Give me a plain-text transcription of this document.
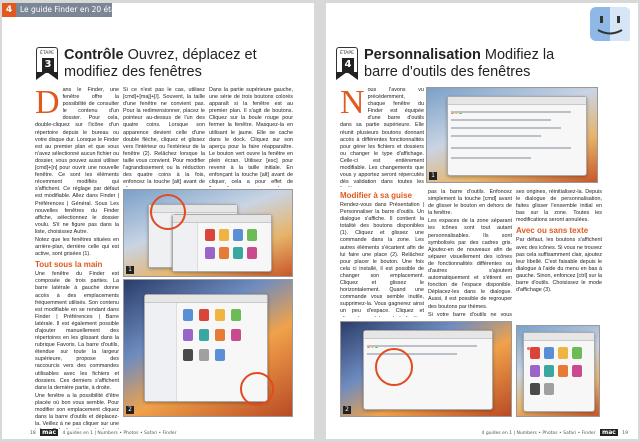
4	Le guide Finder en 20 étapes
ÉTAPE
3
Contrôle Ouvrez, déplacez et modifiez des fenêtres

Dans le Finder, une fenêtre offre la possibilité de consulter le contenu d'un dossier. Pour cela, double-cliquez sur l'icône d'un répertoire depuis le bureau ou votre disque dur. Lorsque le Finder est au premier plan et que vous n'avez sélectionné aucun fichier ou dossier, vous pouvez aussi utiliser [cmd]+[n] pour ouvrir une nouvelle fenêtre. Ce sont les éléments récemment modifiés qui s'affichent. Ce réglage par défaut est modifiable. Allez dans Finder | Préférences | Général. Sous Les nouvelles fenêtres du Finder affiche, sélectionnez le dossier voulu. S'il ne figure pas dans la liste, choisissez Autre.

Notez que les fenêtres situées en arrière-plan, derrière celle qui est active, sont grisées (1).

Tout sous la main

Une fenêtre du Finder est composée de trois parties. La barre latérale à gauche donne accès à des emplacements fréquemment utilisés. Son contenu est modifiable en se rendant dans Finder | Préférences | Barre latérale. Il est également possible d'ajouter manuellement des répertoires en les glissant dans la rubrique Favoris. La barre d'outils, étendue sur toute la largeur supérieure, propose des raccourcis vers des commandes utilisables avec les fichiers et dossiers. Ces derniers s'affichent dans la dernière partie, à droite.

Une fenêtre a la possibilité d'être placée où bon vous semble. Pour modifier son emplacement cliquez dans la barre d'outils et déplacez-la. Veillez à ne pas cliquer sur une

Si ce n'est pas le cas, utilisez [cmd]+[maj]+[/]. Souvent, la taille d'une fenêtre ne convient pas. Pour la redimensionner, placez le pointeur au-dessus de l'un des quatre coins. Lorsque son apparence devient celle d'une double flèche, cliquez et glissez vers l'intérieur ou l'extérieur de la fenêtre (2). Relâchez lorsque la taille vous convient. Pour modifier l'agrandissement ou la réduction des quatre coins à la fois, enfoncez la touche [alt] avant de

Dans la partie supérieure gauche, une série de trois boutons colorés apparaît si la fenêtre est au premier plan. Il s'agit de boutons. Cliquez sur la boule rouge pour fermer la fenêtre. Masquez-la en utilisant le jaune. Elle se cache dans le dock. Cliquez sur son aperçu pour la faire réapparaître. Le bouton vert ouvre la fenêtre en plein écran. Utilisez [esc] pour revenir à la taille initiale. En enfonçant la touche [alt] avant de cliquer, cela a pour effet de

1
2
18 mac 4 guides en 1 | Numbers • Photos • Safari • Finder
ÉTAPE
4
Personnalisation Modifiez la barre d'outils des fenêtres

Nous l'avons vu précédemment, chaque fenêtre du Finder est équipée d'une barre d'outils dans sa partie supérieure. Elle réunit plusieurs boutons donnant accès à différentes fonctionnalités pour gérer les fichiers et dossiers ou changer le type d'affichage. Celle-ci est entièrement modifiable. Les changements que vous y apportez seront répercutés dès validation dans toutes les

1
Modifier à sa guise

Rendez-vous dans Présentation | Personnaliser la barre d'outils. Un dialogue s'affiche. Il contient la totalité des boutons disponibles (1). Cliquez et glissez une commande dans la zone. Les autres éléments s'écartent afin de lui faire une place (2). Relâchez pour placer le bouton. Une fois cela ci installé, il est possible de changer son emplacement. Cliquez et glissez le horizontalement. Quand une commande vous semble inutile, supprimez-la. Vous gagnerez ainsi un peu d'espace. Cliquez et

pas la barre d'outils. Enfoncez simplement la touche [cmd] avant de glisser le bouton en dehors de la fenêtre.

Les espaces de la zone séparant les icônes sont tout autant personnalisables. Ils sont symbolisés par des cadres gris. Ajoutez-en de nouveaux afin de séparer visuellement des icônes de fonctionnalités différentes ou d'autres s'ajoutent automatiquement et s'étirent en fonction de l'espace disponible. Déplacez-les dans le dialogue. Aussi, il est possible de regrouper des boutons par thèmes.

Si votre barre d'outils ne vous

ses origines, réinitialisez-la. Depuis le dialogue de personnalisation, faites glisser l'ensemble initial en bas sur la zone. Toutes les modifications seront annulées.

Avec ou sans texte

Par défaut, les boutons s'affichent avec des icônes. Si vous ne trouvez pas cela suffisamment clair, ajoutez leur libellé. C'est faisable depuis le dialogue à l'aide du menu en bas à gauche. Sinon, enfoncez [ctrl] sur la barre d'outils. Choisissez le mode d'affichage (3).

2
4 guides en 1 | Numbers • Photos • Safari • Finder mac 19
